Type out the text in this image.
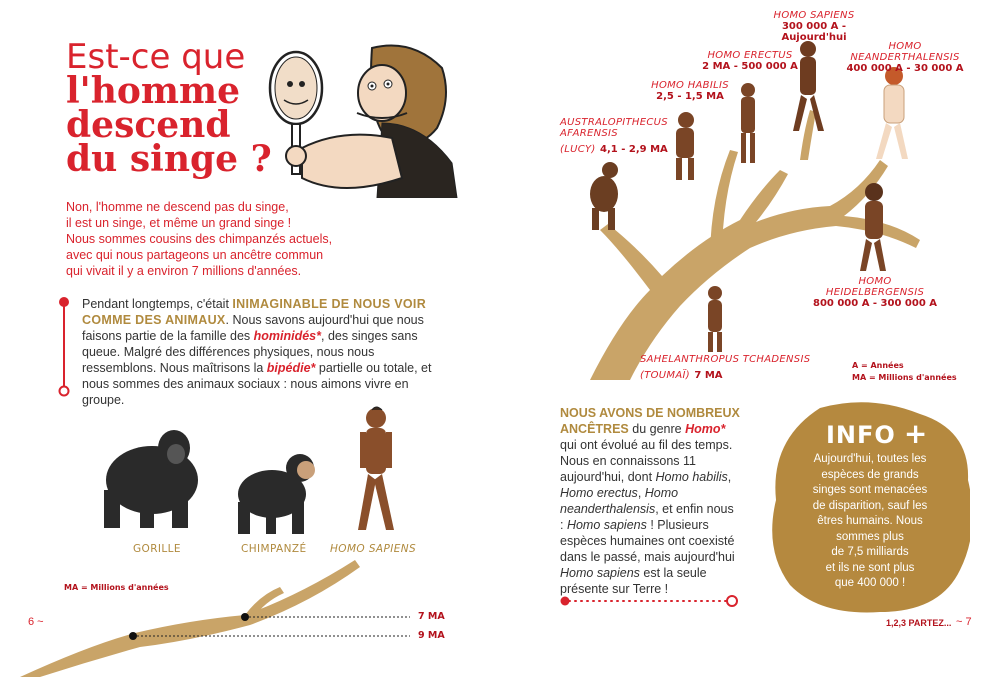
Est-ce que
l'homme
descend
du singe ?
Non, l'homme ne descend pas du singe,
il est un singe, et même un grand singe !
Nous sommes cousins des chimpanzés actuels,
avec qui nous partageons un ancêtre commun
qui vivait il y a environ 7 millions d'années.
Pendant longtemps, c'était INIMAGINABLE DE NOUS VOIR COMME DES ANIMAUX. Nous savons aujourd'hui que nous faisons partie de la famille des hominidés*, des singes sans queue. Malgré des différences physiques, nous nous ressemblons. Nous maîtrisons la bipédie* partielle ou totale, et nous sommes des animaux sociaux : nous aimons vivre en groupe.
GORILLE	CHIMPANZÉ HOMO SAPIENS
MA = Millions d'années
7 MA
9 MA
6 ~
HOMO SAPIENS
300 000 A - Aujourd'hui
HOMO ERECTUS
2 MA - 500 000 A
HOMO NEANDERTHALENSIS
400 000 A - 30 000 A
HOMO HABILIS
2,5 - 1,5 MA
AUSTRALOPITHECUS
AFARENSIS
(LUCY) 4,1 - 2,9 MA
HOMO HEIDELBERGENSIS
800 000 A - 300 000 A
SAHELANTHROPUS TCHADENSIS
(TOUMAÏ) 7 MA
A = Années
MA = Millions d'années
NOUS AVONS DE NOMBREUX ANCÊTRES du genre Homo* qui ont évolué au fil des temps. Nous en connaissons 11 aujourd'hui, dont Homo habilis, Homo erectus, Homo neanderthalensis, et enfin nous : Homo sapiens ! Plusieurs espèces humaines ont coexisté dans le passé, mais aujourd'hui Homo sapiens est la seule présente sur Terre !
INFO +
Aujourd'hui, toutes les
espèces de grands
singes sont menacées
de disparition, sauf les
êtres humains. Nous
sommes plus
de 7,5 milliards
et ils ne sont plus
que 400 000 !
1,2,3 PARTEZ... ~ 7
